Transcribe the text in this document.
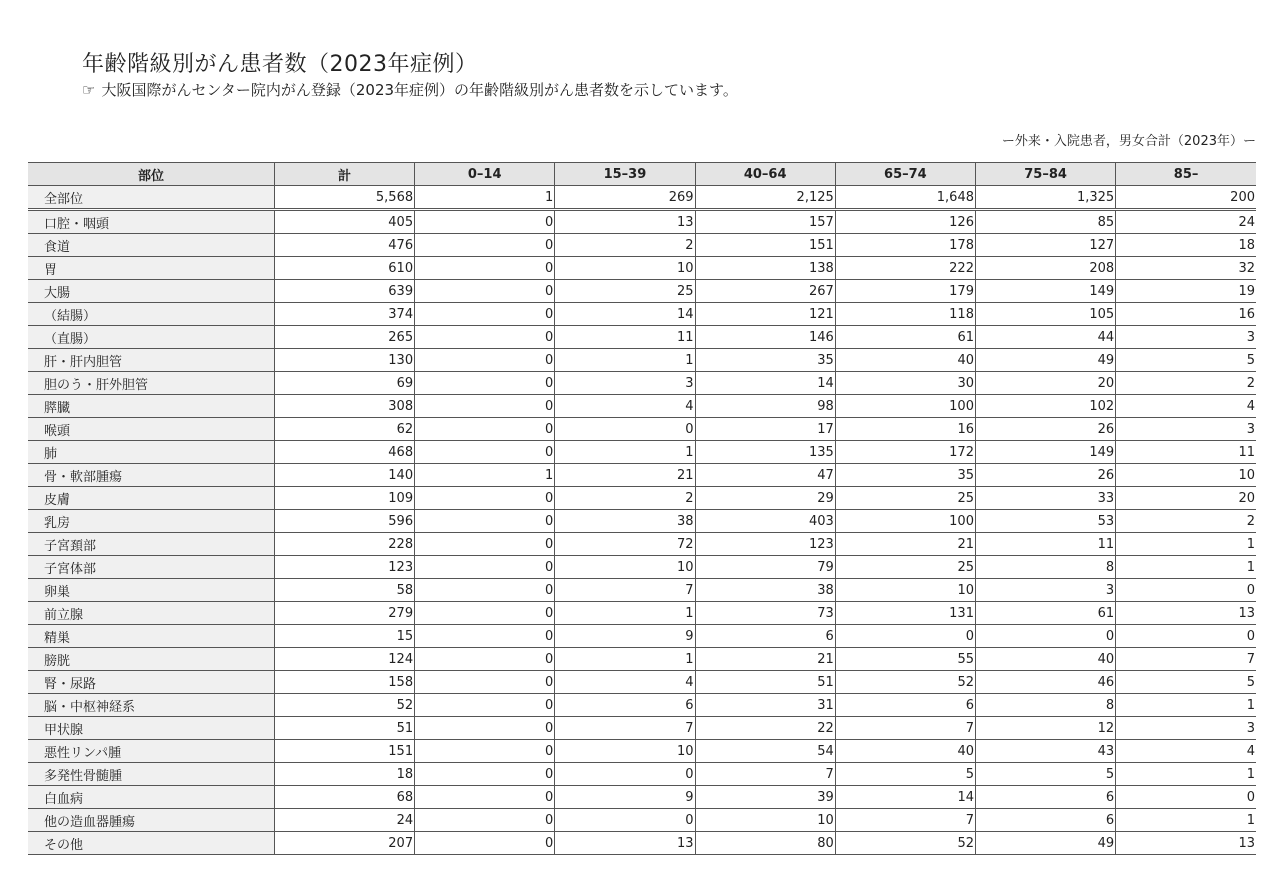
年齢階級別がん患者数（2023年症例）
☞ 大阪国際がんセンター院内がん登録（2023年症例）の年齢階級別がん患者数を示しています。
ー外来・入院患者，男女合計（2023年）ー
部位	計	0–14	15–39	40–64	65–74	75–84	85–
全部位	5,568	1	269	2,125	1,648	1,325	200
口腔・咽頭	405	0	13	157	126	85	24
食道	476	0	2	151	178	127	18
胃	610	0	10	138	222	208	32
大腸	639	0	25	267	179	149	19
（結腸）	374	0	14	121	118	105	16
（直腸）	265	0	11	146	61	44	3
肝・肝内胆管	130	0	1	35	40	49	5
胆のう・肝外胆管	69	0	3	14	30	20	2
膵臓	308	0	4	98	100	102	4
喉頭	62	0	0	17	16	26	3
肺	468	0	1	135	172	149	11
骨・軟部腫瘍	140	1	21	47	35	26	10
皮膚	109	0	2	29	25	33	20
乳房	596	0	38	403	100	53	2
子宮頚部	228	0	72	123	21	11	1
子宮体部	123	0	10	79	25	8	1
卵巣	58	0	7	38	10	3	0
前立腺	279	0	1	73	131	61	13
精巣	15	0	9	6	0	0	0
膀胱	124	0	1	21	55	40	7
腎・尿路	158	0	4	51	52	46	5
脳・中枢神経系	52	0	6	31	6	8	1
甲状腺	51	0	7	22	7	12	3
悪性リンパ腫	151	0	10	54	40	43	4
多発性骨髄腫	18	0	0	7	5	5	1
白血病	68	0	9	39	14	6	0
他の造血器腫瘍	24	0	0	10	7	6	1
その他	207	0	13	80	52	49	13
